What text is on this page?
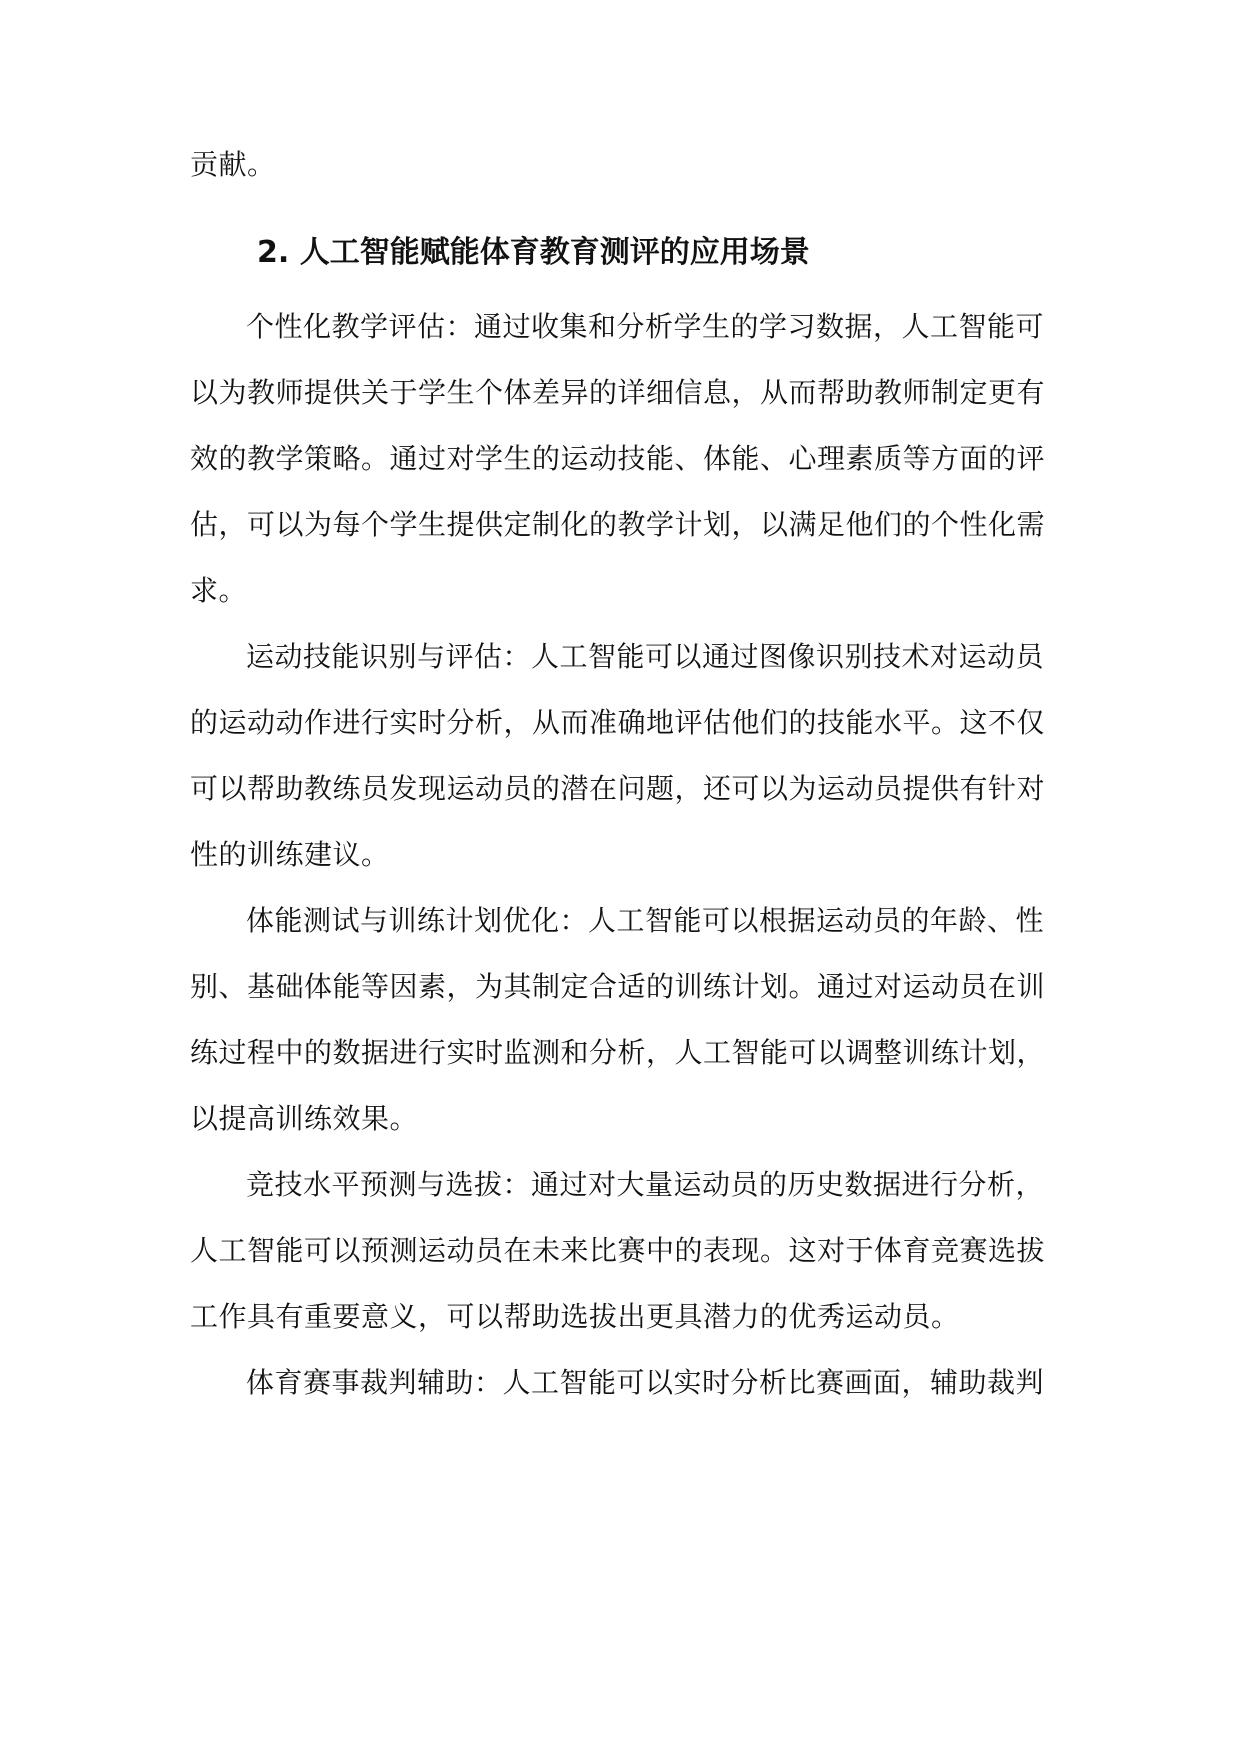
贡献。
2. 人工智能赋能体育教育测评的应用场景
个性化教学评估：通过收集和分析学生的学习数据，人工智能可
以为教师提供关于学生个体差异的详细信息，从而帮助教师制定更有
效的教学策略。通过对学生的运动技能、体能、心理素质等方面的评
估，可以为每个学生提供定制化的教学计划，以满足他们的个性化需
求。
运动技能识别与评估：人工智能可以通过图像识别技术对运动员
的运动动作进行实时分析，从而准确地评估他们的技能水平。这不仅
可以帮助教练员发现运动员的潜在问题，还可以为运动员提供有针对
性的训练建议。
体能测试与训练计划优化：人工智能可以根据运动员的年龄、性
别、基础体能等因素，为其制定合适的训练计划。通过对运动员在训
练过程中的数据进行实时监测和分析，人工智能可以调整训练计划，
以提高训练效果。
竞技水平预测与选拔：通过对大量运动员的历史数据进行分析，
人工智能可以预测运动员在未来比赛中的表现。这对于体育竞赛选拔
工作具有重要意义，可以帮助选拔出更具潜力的优秀运动员。
体育赛事裁判辅助：人工智能可以实时分析比赛画面，辅助裁判
